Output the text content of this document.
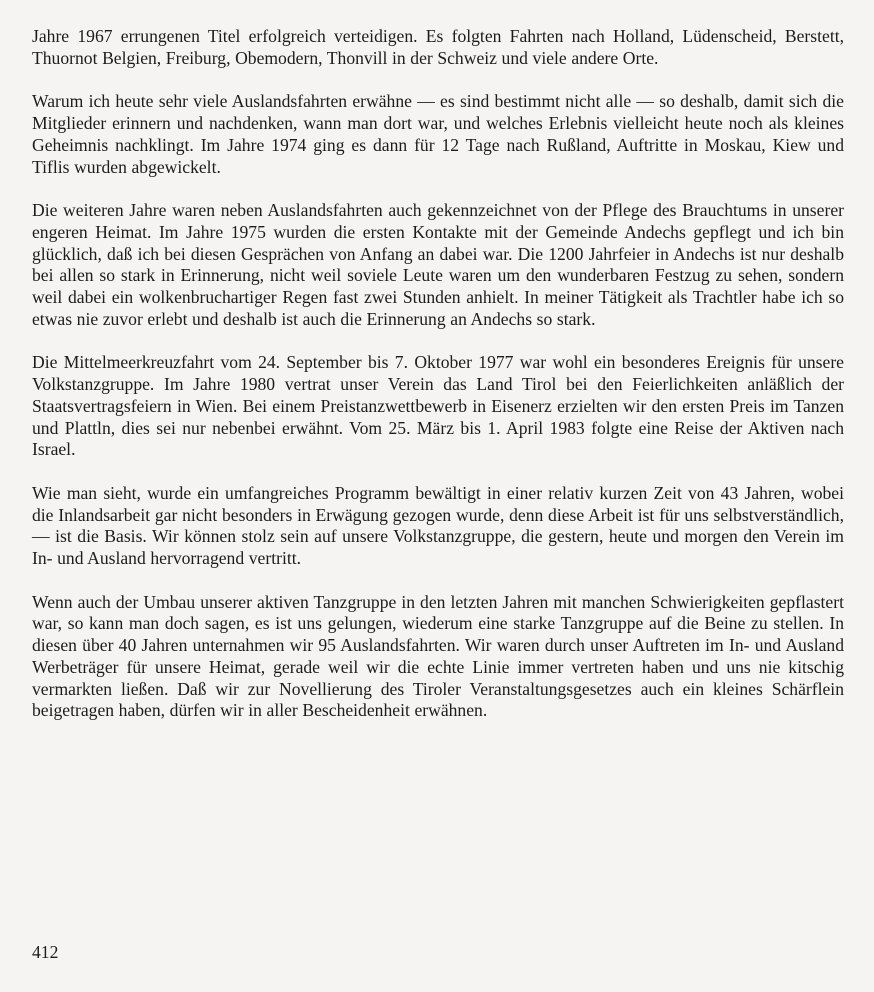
Jahre 1967 errungenen Titel erfolgreich verteidigen. Es folgten Fahrten nach Holland, Lüdenscheid, Berstett, Thuornot Belgien, Freiburg, Obemodern, Thonvill in der Schweiz und viele andere Orte.

Warum ich heute sehr viele Auslandsfahrten erwähne — es sind bestimmt nicht alle — so deshalb, damit sich die Mitglieder erinnern und nachdenken, wann man dort war, und welches Erlebnis vielleicht heute noch als kleines Geheimnis nachklingt. Im Jahre 1974 ging es dann für 12 Tage nach Rußland, Auftritte in Moskau, Kiew und Tiflis wurden abgewickelt.

Die weiteren Jahre waren neben Auslandsfahrten auch gekennzeichnet von der Pflege des Brauchtums in unserer engeren Heimat. Im Jahre 1975 wurden die ersten Kontakte mit der Gemeinde Andechs gepflegt und ich bin glücklich, daß ich bei diesen Gesprächen von Anfang an dabei war. Die 1200 Jahrfeier in Andechs ist nur deshalb bei allen so stark in Erinnerung, nicht weil soviele Leute waren um den wunderbaren Festzug zu sehen, sondern weil dabei ein wolkenbruchartiger Regen fast zwei Stunden anhielt. In meiner Tätigkeit als Trachtler habe ich so etwas nie zuvor erlebt und deshalb ist auch die Erinnerung an Andechs so stark.

Die Mittelmeerkreuzfahrt vom 24. September bis 7. Oktober 1977 war wohl ein besonderes Ereignis für unsere Volkstanzgruppe. Im Jahre 1980 vertrat unser Verein das Land Tirol bei den Feierlichkeiten anläßlich der Staatsvertragsfeiern in Wien. Bei einem Preistanzwettbewerb in Eisenerz erzielten wir den ersten Preis im Tanzen und Plattln, dies sei nur nebenbei erwähnt. Vom 25. März bis 1. April 1983 folgte eine Reise der Aktiven nach Israel.

Wie man sieht, wurde ein umfangreiches Programm bewältigt in einer relativ kurzen Zeit von 43 Jahren, wobei die Inlandsarbeit gar nicht besonders in Erwägung gezogen wurde, denn diese Arbeit ist für uns selbstverständlich, — ist die Basis. Wir können stolz sein auf unsere Volkstanzgruppe, die gestern, heute und morgen den Verein im In- und Ausland hervorragend vertritt.

Wenn auch der Umbau unserer aktiven Tanzgruppe in den letzten Jahren mit manchen Schwierigkeiten gepflastert war, so kann man doch sagen, es ist uns gelungen, wiederum eine starke Tanzgruppe auf die Beine zu stellen. In diesen über 40 Jahren unternahmen wir 95 Auslandsfahrten. Wir waren durch unser Auftreten im In- und Ausland Werbeträger für unsere Heimat, gerade weil wir die echte Linie immer vertreten haben und uns nie kitschig vermarkten ließen. Daß wir zur Novellierung des Tiroler Veranstaltungsgesetzes auch ein kleines Schärflein beigetragen haben, dürfen wir in aller Bescheidenheit erwähnen.

412
